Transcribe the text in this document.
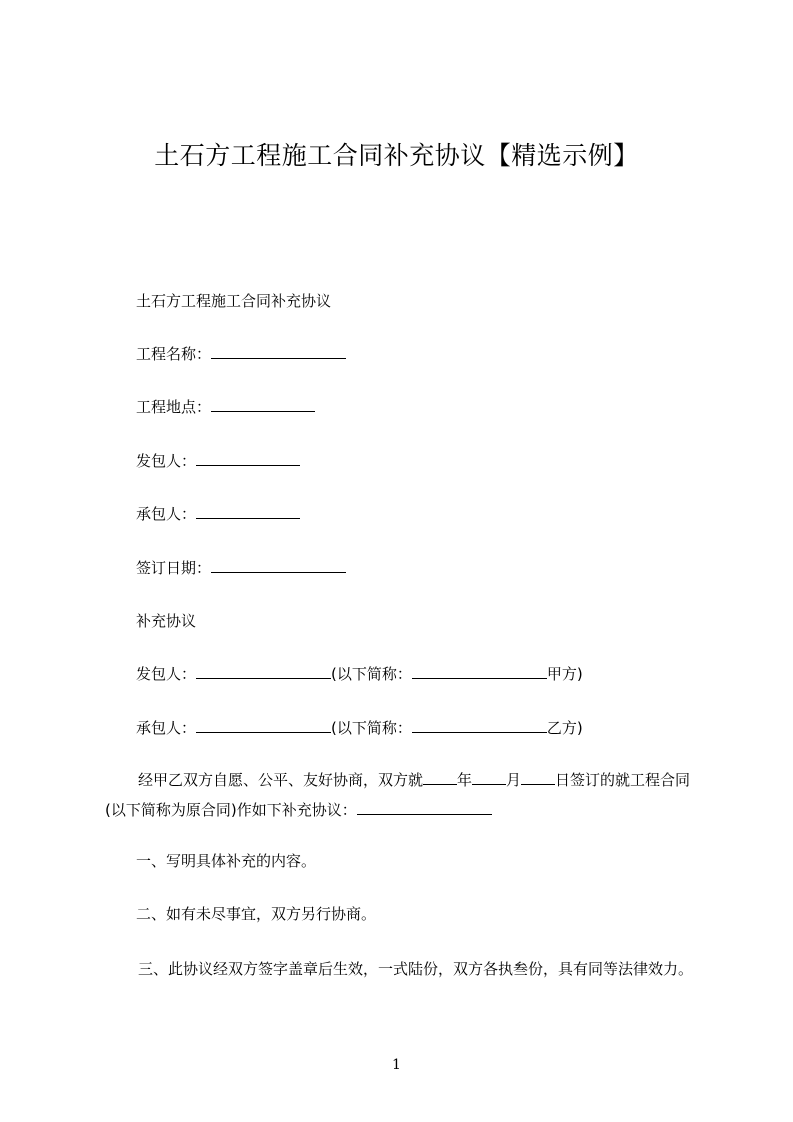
土石方工程施工合同补充协议【精选示例】
土石方工程施工合同补充协议
工程名称：
工程地点：
发包人：
承包人：
签订日期：
补充协议
发包人：	(以下简称：	甲方)
承包人：	(以下简称：	乙方)
经甲乙双方自愿、公平、友好协商，双方就 年 月 日签订的就工程合同(以下简称为原合同)作如下补充协议：
一、写明具体补充的内容。
二、如有未尽事宜，双方另行协商。
三、此协议经双方签字盖章后生效，一式陆份，双方各执叁份，具有同等法律效力。
1
